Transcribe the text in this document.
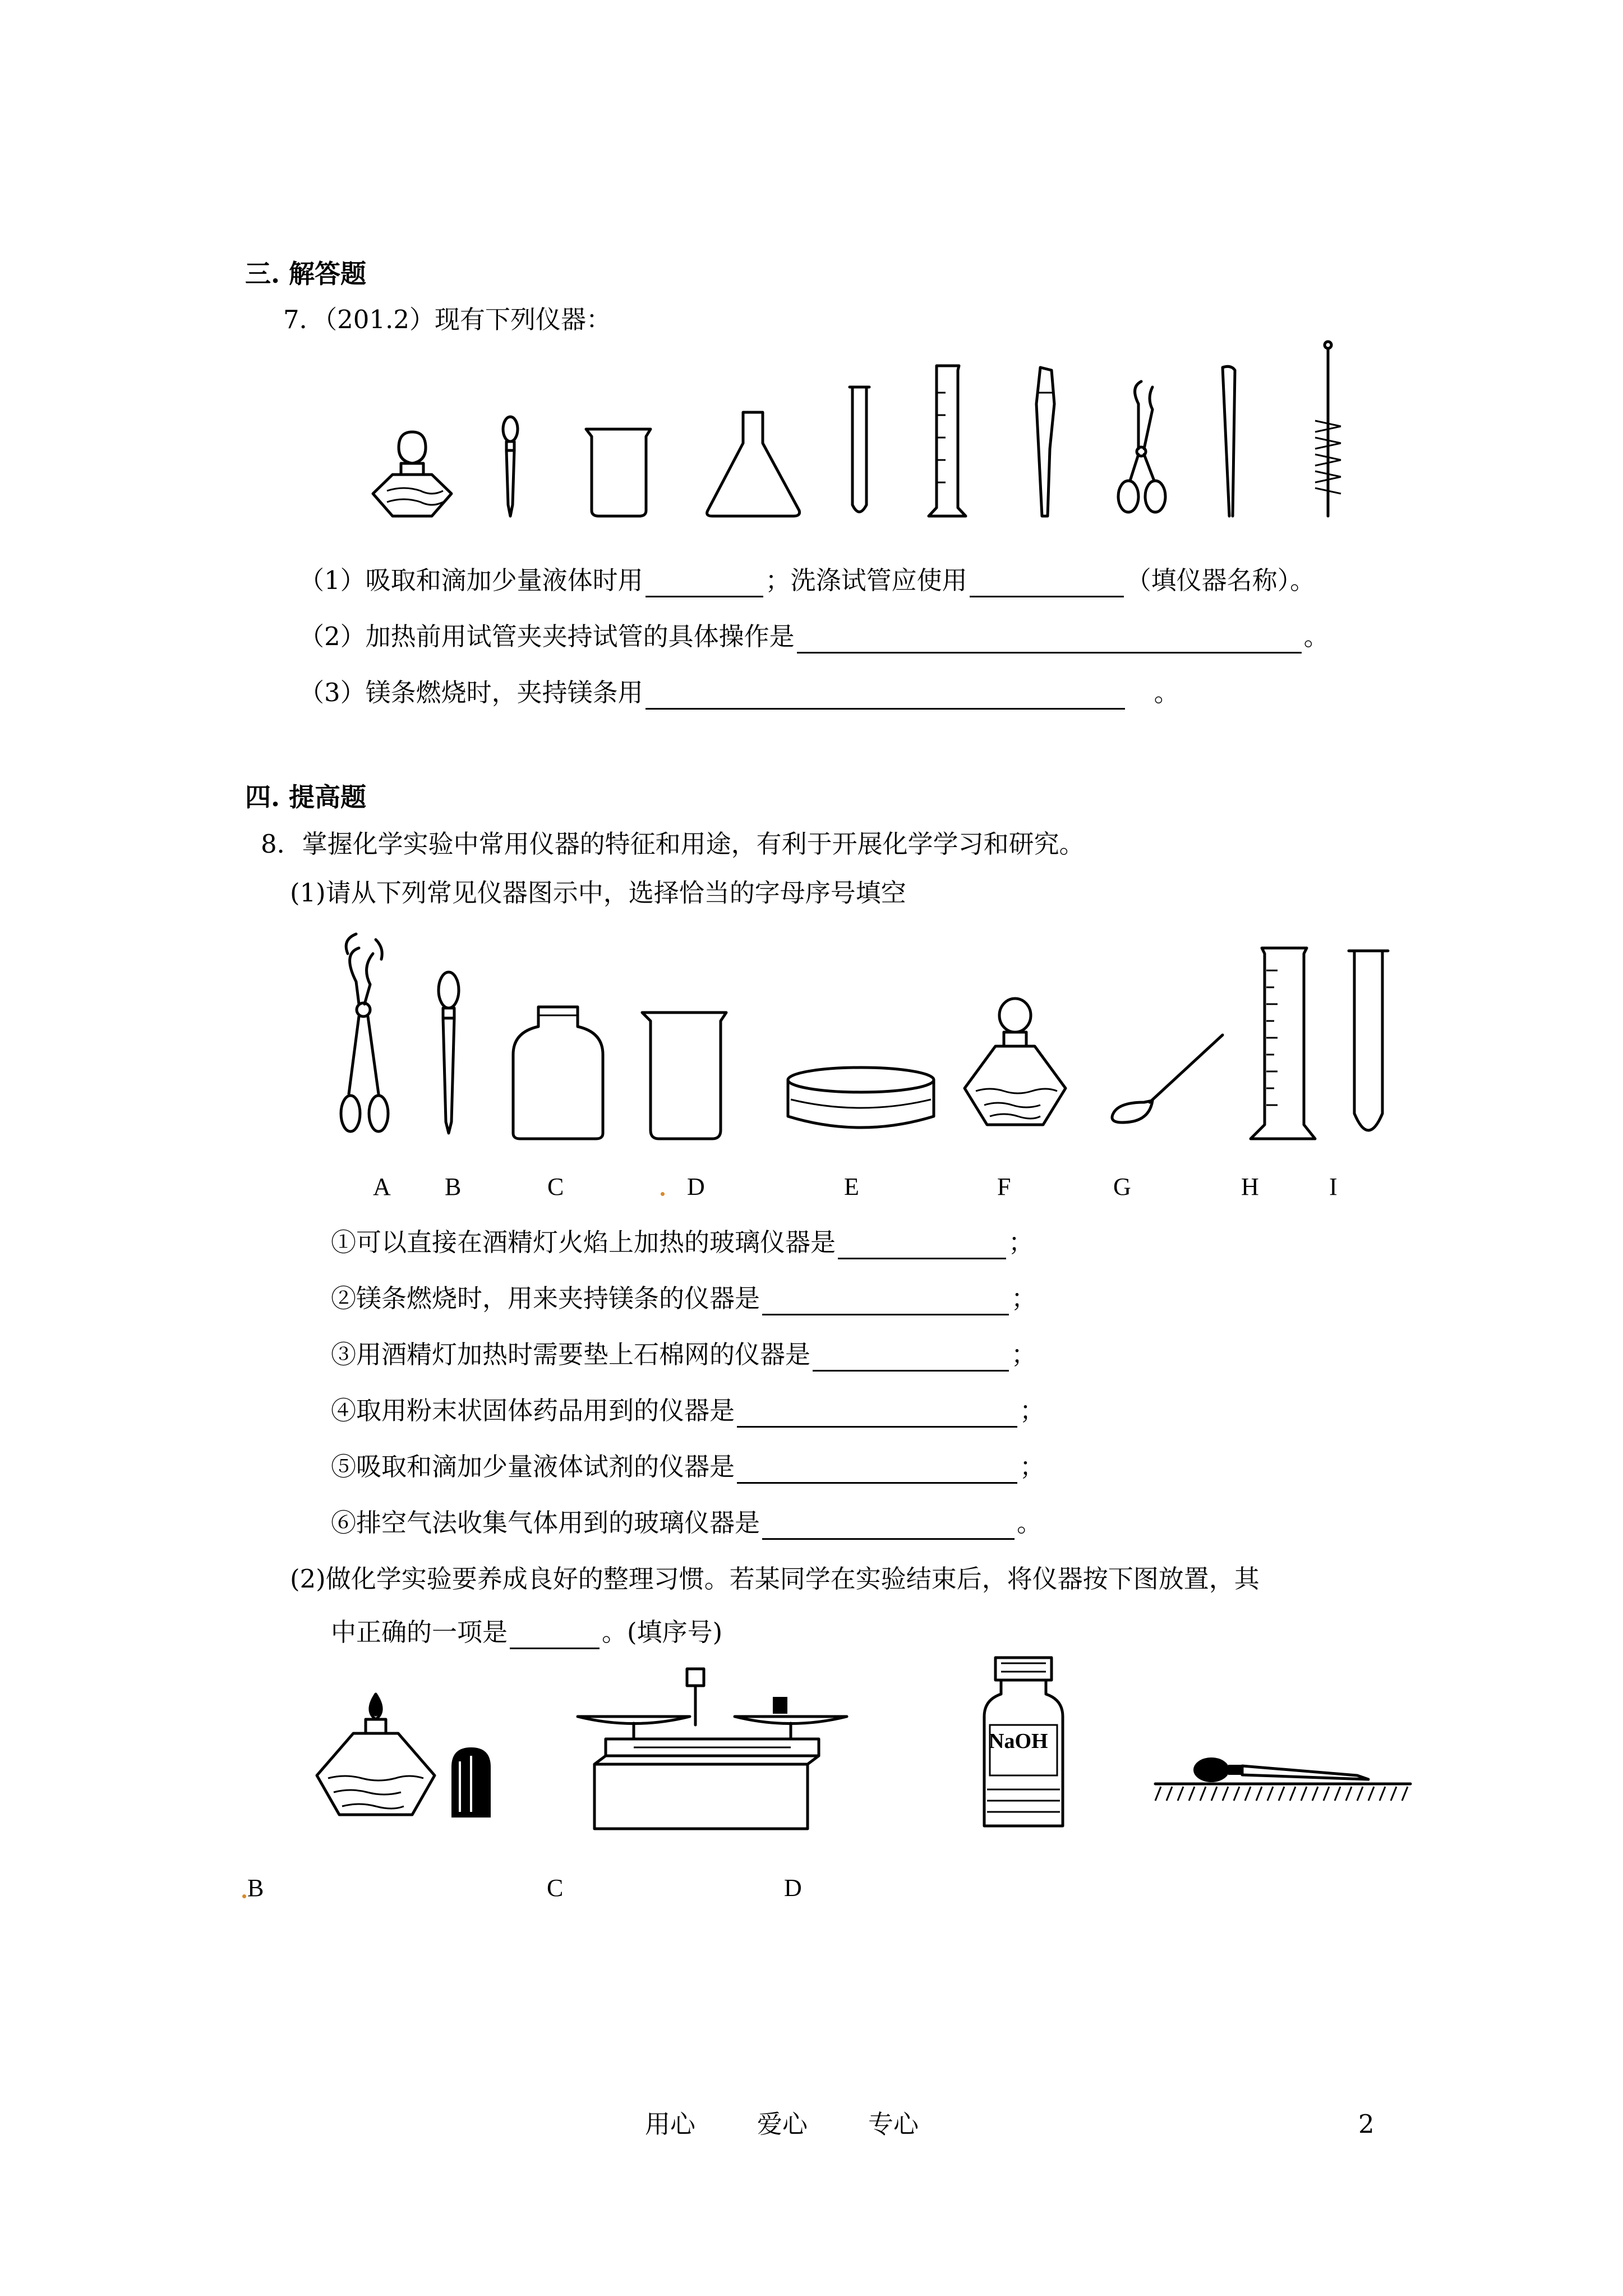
三. 解答题
7．（201.2）现有下列仪器：
（1）吸取和滴加少量液体时用	；洗涤试管应使用	（填仪器名称）。
（2）加热前用试管夹夹持试管的具体操作是	。
（3）镁条燃烧时，夹持镁条用	。
四. 提高题
8．掌握化学实验中常用仪器的特征和用途，有利于开展化学学习和研究。
(1)请从下列常见仪器图示中，选择恰当的字母序号填空
A B	C	D	E	F	G	H	I
①可以直接在酒精灯火焰上加热的玻璃仪器是	；
②镁条燃烧时，用来夹持镁条的仪器是	；
③用酒精灯加热时需要垫上石棉网的仪器是	；
④取用粉末状固体药品用到的仪器是	；
⑤吸取和滴加少量液体试剂的仪器是	；
⑥排空气法收集气体用到的玻璃仪器是	。
(2)做化学实验要养成良好的整理习惯。若某同学在实验结束后，将仪器按下图放置，其
中正确的一项是	。(填序号)
B	C	D
NaOH
用心 爱心 专心	2
